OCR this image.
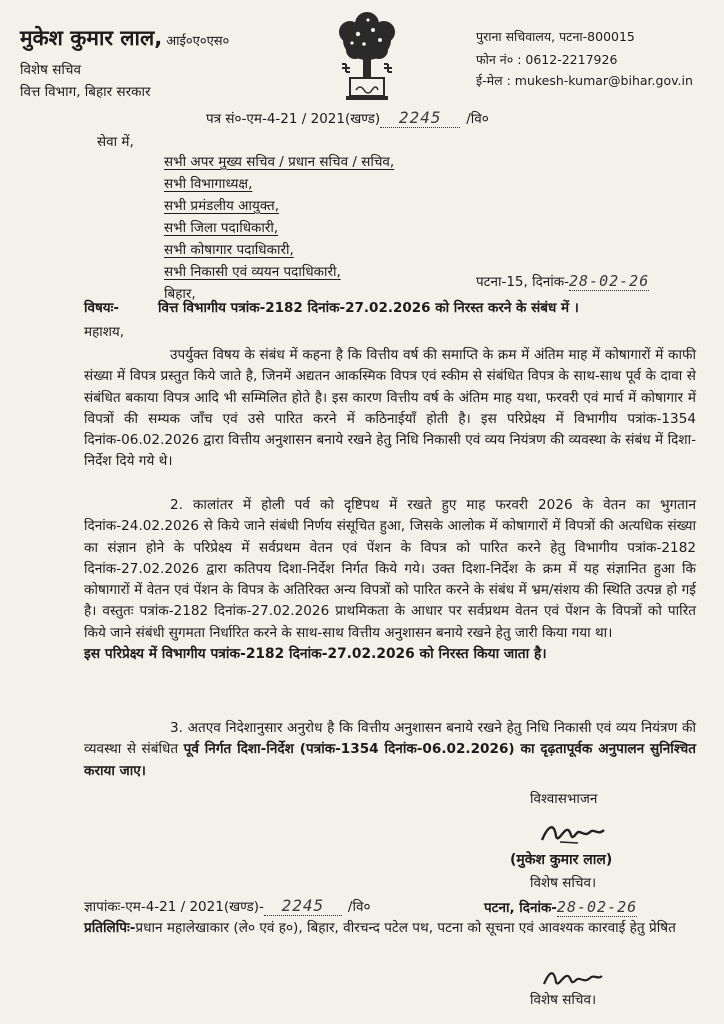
मुकेश कुमार लाल, आई०ए०एस०
विशेष सचिव
वित्त विभाग, बिहार सरकार
पुराना सचिवालय, पटना-800015
फोन नं० : 0612-2217926
ई-मेल : mukesh-kumar@bihar.gov.in
पत्र सं०-एम-4-21 / 2021(खण्ड) 2245 /वि०
सेवा में,
सभी अपर मुख्य सचिव / प्रधान सचिव / सचिव,
सभी विभागाध्यक्ष,
सभी प्रमंडलीय आयुक्त,
सभी जिला पदाधिकारी,
सभी कोषागार पदाधिकारी,
सभी निकासी एवं व्ययन पदाधिकारी,
बिहार,
पटना-15, दिनांक-28-02-26
विषयः-	वित्त विभागीय पत्रांक-2182 दिनांक-27.02.2026 को निरस्त करने के संबंध में ।
महाशय,

उपर्युक्त विषय के संबंध में कहना है कि वित्तीय वर्ष की समाप्ति के क्रम में अंतिम माह में कोषागारों में काफी संख्या में विपत्र प्रस्तुत किये जाते है, जिनमें अद्यतन आकस्मिक विपत्र एवं स्कीम से संबंधित विपत्र के साथ-साथ पूर्व के दावा से संबंधित बकाया विपत्र आदि भी सम्मिलित होते है। इस कारण वित्तीय वर्ष के अंतिम माह यथा, फरवरी एवं मार्च में कोषागार में विपत्रों की सम्यक जाँच एवं उसे पारित करने में कठिनाईयाँ होती है। इस परिप्रेक्ष्य में विभागीय पत्रांक-1354 दिनांक-06.02.2026 द्वारा वित्तीय अनुशासन बनाये रखने हेतु निधि निकासी एवं व्यय नियंत्रण की व्यवस्था के संबंध में दिशा-निर्देश दिये गये थे।

2. कालांतर में होली पर्व को दृष्टिपथ में रखते हुए माह फरवरी 2026 के वेतन का भुगतान दिनांक-24.02.2026 से किये जाने संबंधी निर्णय संसूचित हुआ, जिसके आलोक में कोषागारों में विपत्रों की अत्यधिक संख्या का संज्ञान होने के परिप्रेक्ष्य में सर्वप्रथम वेतन एवं पेंशन के विपत्र को पारित करने हेतु विभागीय पत्रांक-2182 दिनांक-27.02.2026 द्वारा कतिपय दिशा-निर्देश निर्गत किये गये। उक्त दिशा-निर्देश के क्रम में यह संज्ञानित हुआ कि कोषागारों में वेतन एवं पेंशन के विपत्र के अतिरिक्त अन्य विपत्रों को पारित करने के संबंध में भ्रम/संशय की स्थिति उत्पन्न हो गई है। वस्तुतः पत्रांक-2182 दिनांक-27.02.2026 प्राथमिकता के आधार पर सर्वप्रथम वेतन एवं पेंशन के विपत्रों को पारित किये जाने संबंधी सुगमता निर्धारित करने के साथ-साथ वित्तीय अनुशासन बनाये रखने हेतु जारी किया गया था।

इस परिप्रेक्ष्य में विभागीय पत्रांक-2182 दिनांक-27.02.2026 को निरस्त किया जाता है।

3. अतएव निदेशानुसार अनुरोध है कि वित्तीय अनुशासन बनाये रखने हेतु निधि निकासी एवं व्यय नियंत्रण की व्यवस्था से संबंधित पूर्व निर्गत दिशा-निर्देश (पत्रांक-1354 दिनांक-06.02.2026) का दृढ़तापूर्वक अनुपालन सुनिश्चित कराया जाए।

विश्वासभाजन
(मुकेश कुमार लाल)
विशेष सचिव।
ज्ञापांकः-एम-4-21 / 2021(खण्ड)- 2245 /वि०	पटना, दिनांक-28-02-26

प्रतिलिपिः-प्रधान महालेखाकार (ले० एवं ह०), बिहार, वीरचन्द पटेल पथ, पटना को सूचना एवं आवश्यक कारवाई हेतु प्रेषित

विशेष सचिव।
